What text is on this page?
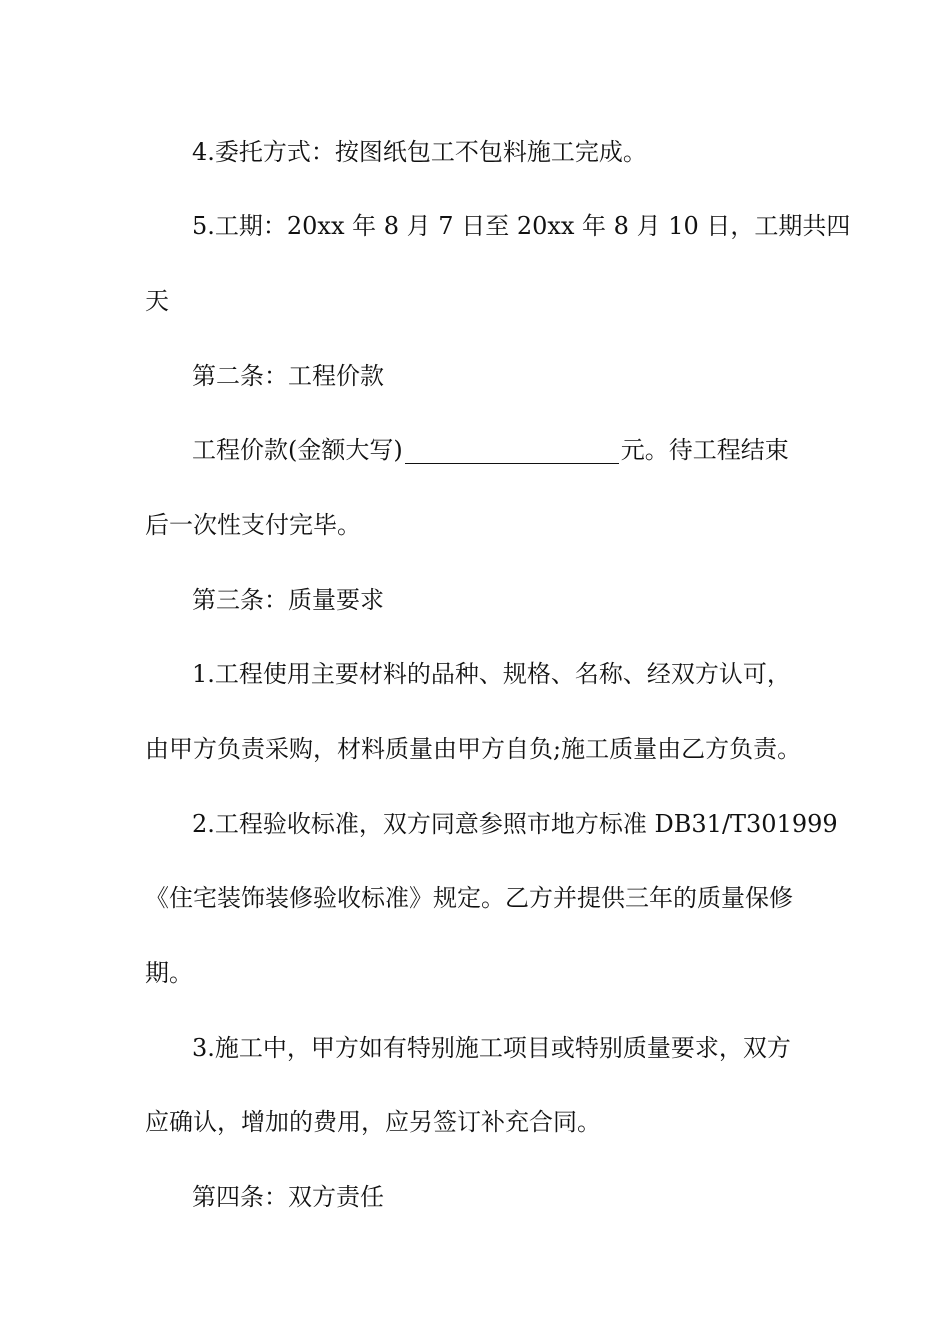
4.委托方式：按图纸包工不包料施工完成。

5.工期：20xx 年 8 月 7 日至 20xx 年 8 月 10 日，工期共四

天

第二条：工程价款

工程价款(金额大写)	元。待工程结束

后一次性支付完毕。

第三条：质量要求

1.工程使用主要材料的品种、规格、名称、经双方认可，

由甲方负责采购，材料质量由甲方自负;施工质量由乙方负责。

2.工程验收标准，双方同意参照市地方标准 DB31/T301999

《住宅装饰装修验收标准》规定。乙方并提供三年的质量保修

期。

3.施工中，甲方如有特别施工项目或特别质量要求，双方

应确认，增加的费用，应另签订补充合同。

第四条：双方责任
